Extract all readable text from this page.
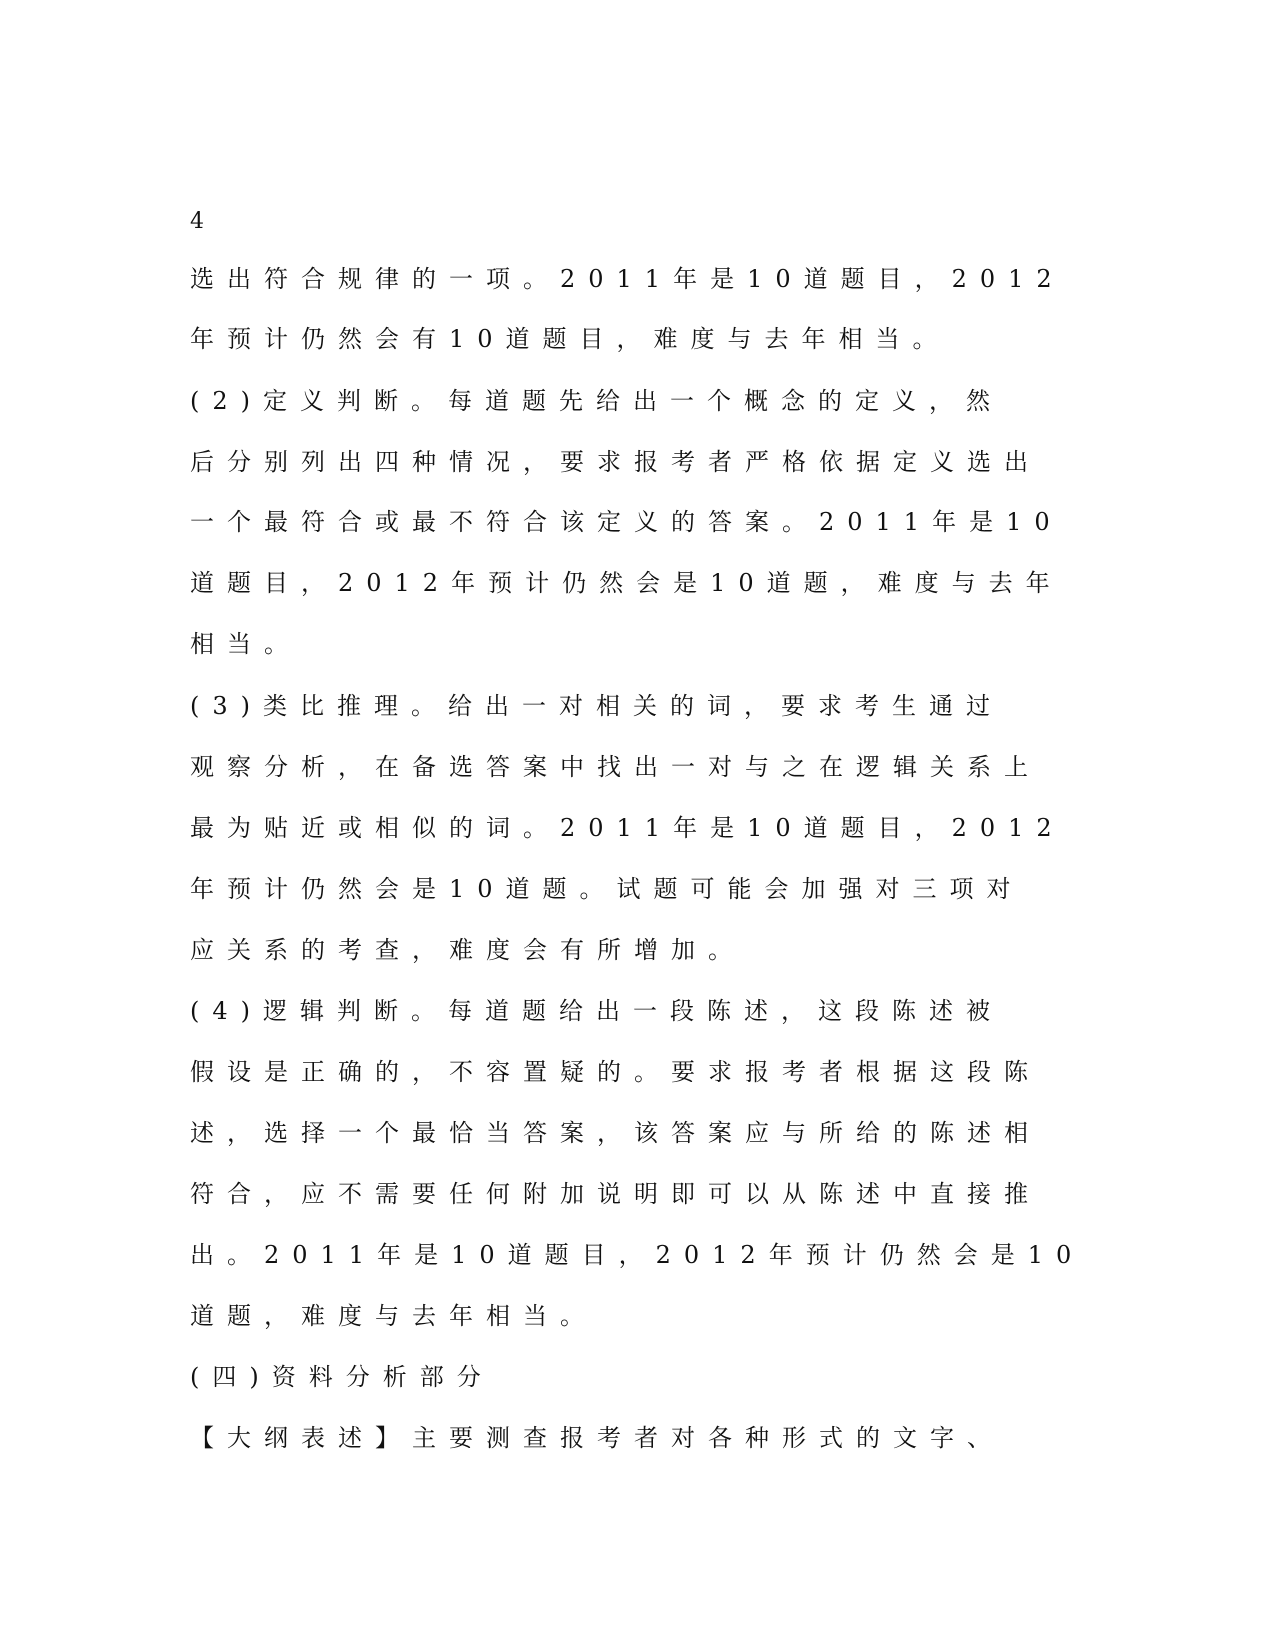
4
选出符合规律的一项。2011年是10道题目，2012
年预计仍然会有10道题目，难度与去年相当。
(2)定义判断。每道题先给出一个概念的定义，然
后分别列出四种情况，要求报考者严格依据定义选出
一个最符合或最不符合该定义的答案。2011年是10
道题目，2012年预计仍然会是10道题，难度与去年
相当。
(3)类比推理。给出一对相关的词，要求考生通过
观察分析，在备选答案中找出一对与之在逻辑关系上
最为贴近或相似的词。2011年是10道题目，2012
年预计仍然会是10道题。试题可能会加强对三项对
应关系的考查，难度会有所增加。
(4)逻辑判断。每道题给出一段陈述，这段陈述被
假设是正确的，不容置疑的。要求报考者根据这段陈
述，选择一个最恰当答案，该答案应与所给的陈述相
符合，应不需要任何附加说明即可以从陈述中直接推
出。2011年是10道题目，2012年预计仍然会是10
道题，难度与去年相当。
(四)资料分析部分
【大纲表述】主要测查报考者对各种形式的文字、
